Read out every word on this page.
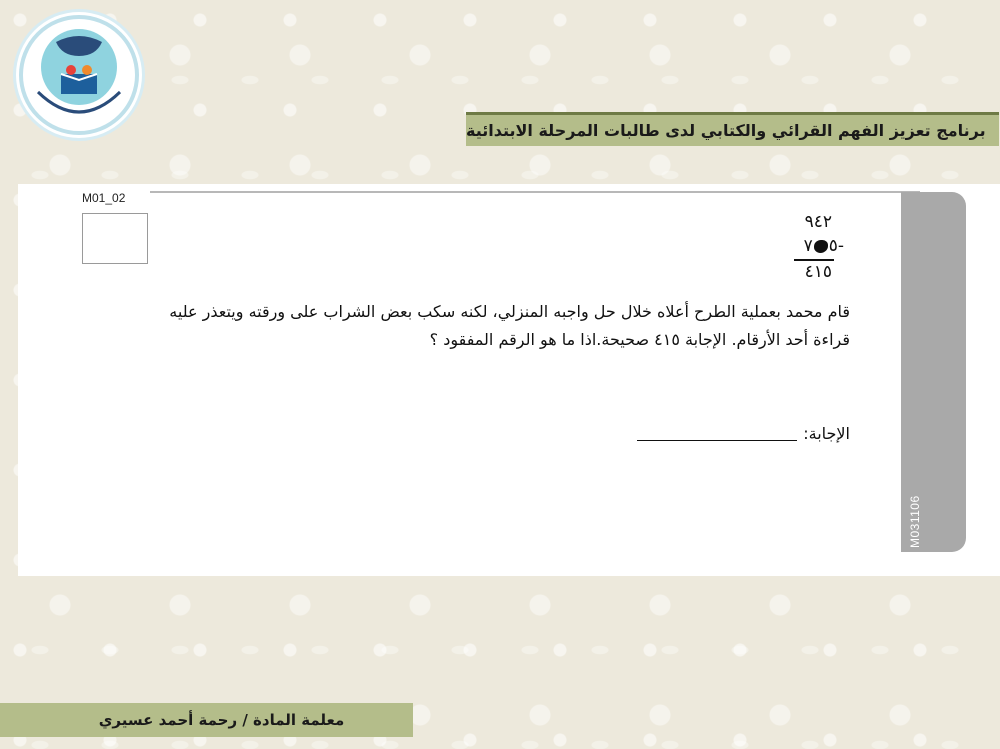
برنامج تعزيز الفهم القرائي والكتابي لدى طالبات المرحلة الابتدائية
M031106
M01_02
٩٤٢
٥٧ -
٤١٥
قام محمد بعملية الطرح أعلاه خلال حل واجبه المنزلي، لكنه سكب بعض الشراب على ورقته ويتعذر عليه قراءة أحد الأرقام. الإجابة ٤١٥ صحيحة.اذا ما هو الرقم المفقود ؟
الإجابة:
معلمة المادة / رحمة أحمد عسيري
